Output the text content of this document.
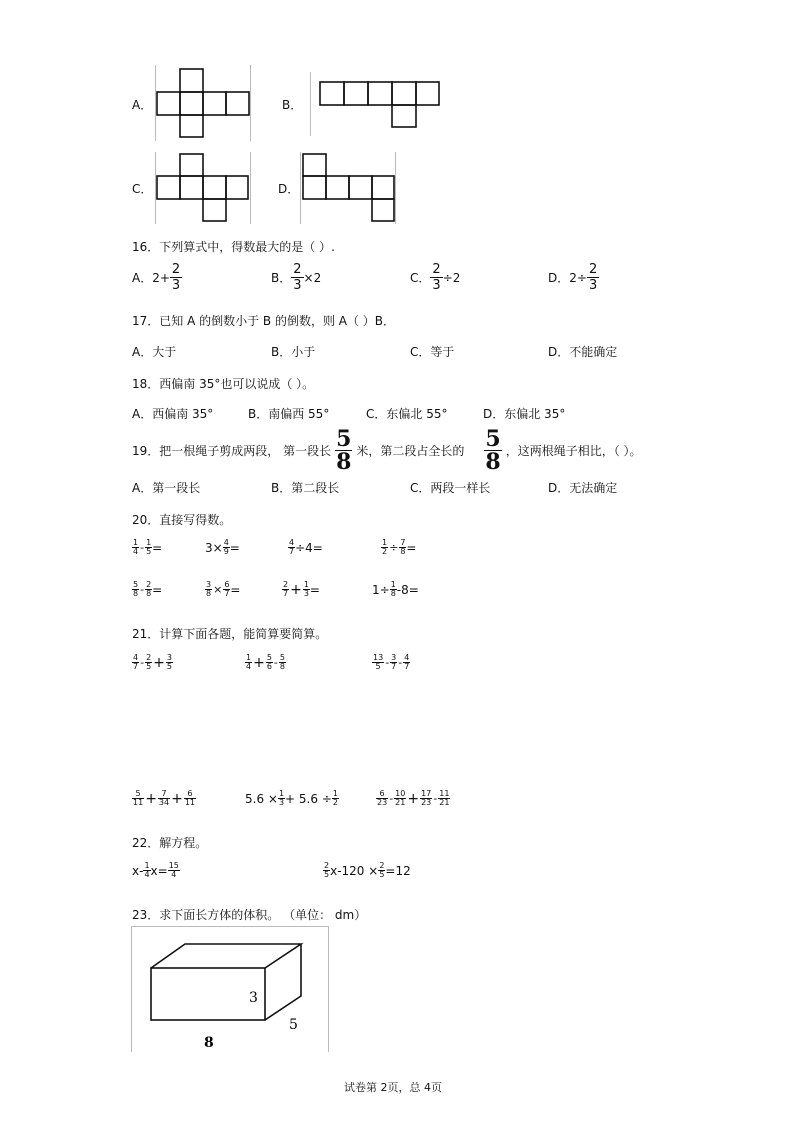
A．	B．
C．	D．
16．下列算式中，得数最大的是（ ）.
A． $2+ \frac{2}{3}$	B． $\frac{2}{3} \times 2$	C． $\frac{2}{3} \div 2$	D． $2\div \frac{2}{3}$
17．已知 A 的倒数小于 B 的倒数，则 A（ ）B．
A．大于	B．小于	C．等于	D．不能确定
18．西偏南 35°也可以说成（ ）。
A．西偏南 35°	B．南偏西 55°	C．东偏北 55°	D．东偏北 35°
19．把一根绳子剪成两段， 第一段长 $\frac{5}{8}$ 米，第二段占全长的 $\frac{5}{8}$ ，这两根绳子相比，（ ）。
A．第一段长	B．第二段长	C．两段一样长	D．无法确定
20．直接写得数。
$\frac{1}{4} - \frac{1}{5}$ =	$3\times \frac{4}{9}$ =	$\frac{4}{7} \div 4=$	$\frac{1}{2} \div \frac{7}{8}$ =
$\frac{5}{8} - \frac{2}{8}$ =	$\frac{3}{8} \times \frac{6}{7}$ =	$\frac{2}{7} + \frac{1}{3}$ =	$1\div \frac{1}{8} -8=$
21．计算下面各题，能简算要简算。
$\frac{4}{7} - \frac{2}{5} + \frac{3}{5}$	$\frac{1}{4} + \frac{5}{6} - \frac{5}{8}$	$\frac{13}{5} - \frac{3}{7} - \frac{4}{7}$
$\frac{5}{11} + \frac{7}{34} + \frac{6}{11}$	$5.6 \times \frac{1}{3} + 5.6 \div \frac{1}{2}$	$\frac{6}{23} - \frac{10}{21} + \frac{17}{23} - \frac{11}{21}$
22．解方程。
$x- \frac{1}{4} x= \frac{15}{4}$	$\frac{2}{5} x-120 \times \frac{2}{5} =12$
23．求下面长方体的体积。 （单位： dm）
3
5
8
试卷第 2页，总 4页
